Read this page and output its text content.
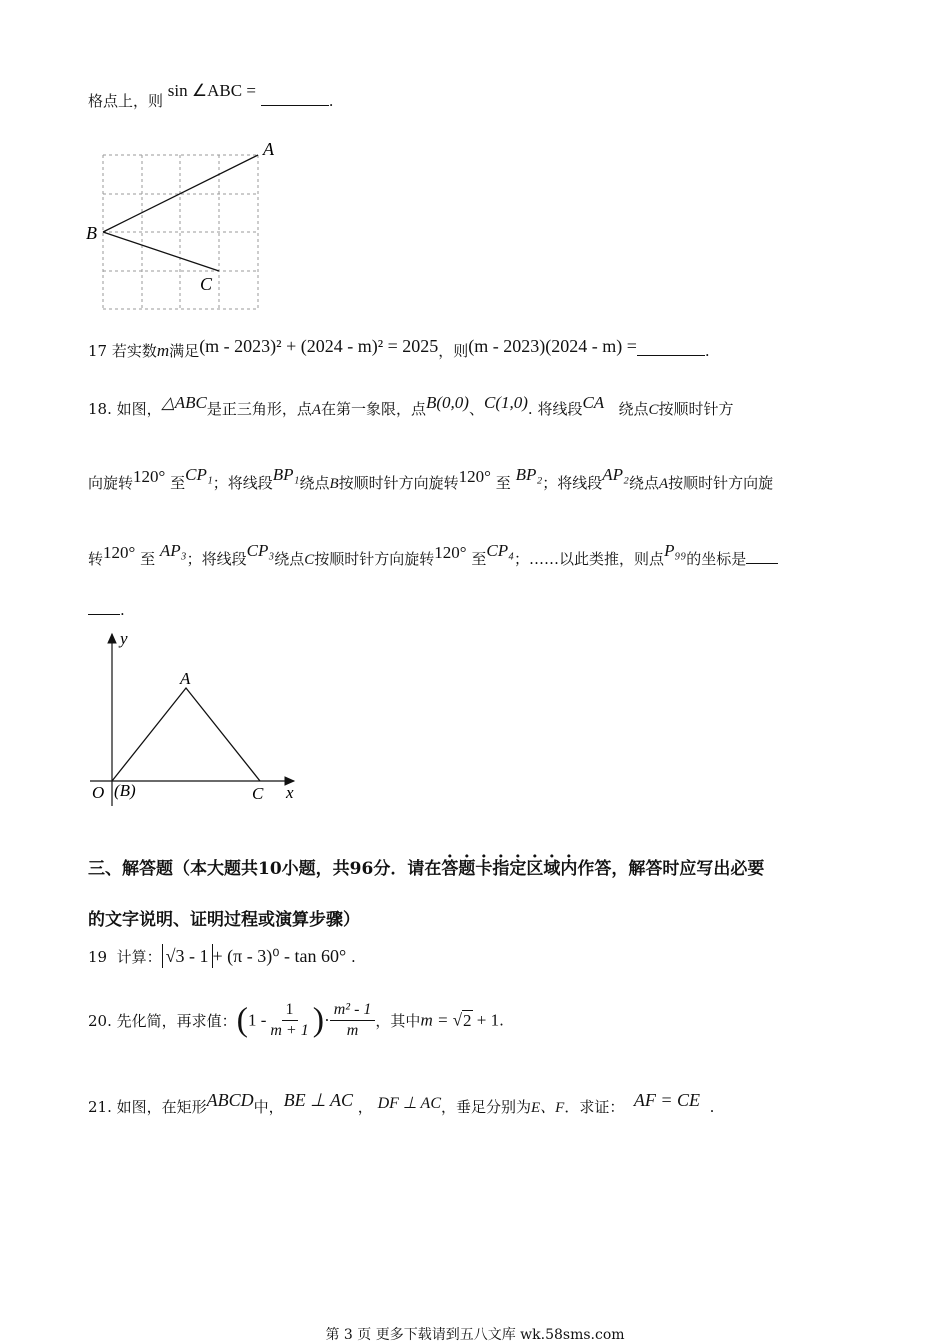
格点上，则 sin ∠ABC = .
A
B
C
17 若实数m满足(m - 2023)² + (2024 - m)² = 2025，则(m - 2023)(2024 - m) =	.
18. 如图，△ABC是正三角形，点A在第一象限，点B(0,0)、C(1,0). 将线段CA 绕点C按顺时针方
向旋转120° 至CP₁；将线段BP₁绕点B按顺时针方向旋转120° 至 BP₂；将线段AP₂绕点A按顺时针方向旋
转120° 至 AP₃；将线段CP₃绕点C按顺时针方向旋转120° 至CP₄；……以此类推，则点P₉₉的坐标是
.
y
x
A
O (B)	C
三、解答题（本大题共10小题，共96分．请在答题卡指定区域内作答，解答时应写出必要
的文字说明、证明过程或演算步骤）
19 计算： √3 - 1 + (π - 3)⁰ - tan 60° .
20. 先化简，再求值：($1 - \frac{1}{m + 1}$ )· $\frac{\text{m² - 1}}{m}$ ，其中m = √2 + 1.
21. 如图，在矩形ABCD中，BE ⊥ AC ， DF ⊥ AC，垂足分别为E、F．求证： AF = CE .
第 3 页 更多下载请到五八文库 wk.58sms.com
